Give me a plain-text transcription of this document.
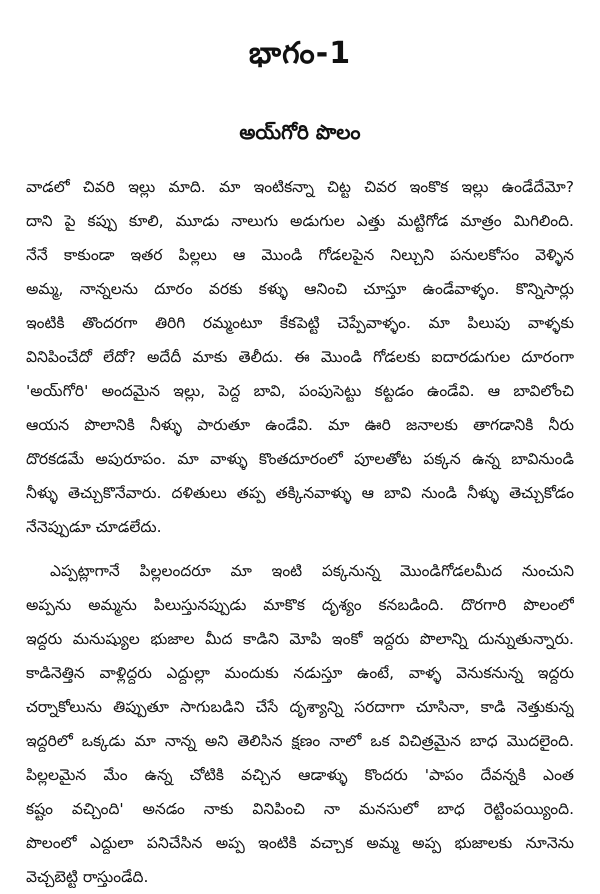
భాగం-1
అయ్‌గోరి పొలం
వాడలో చివరి ఇల్లు మాది. మా ఇంటికన్నా చిట్ట చివర ఇంకొక ఇల్లు ఉండేదేమో?
దాని పై కప్పు కూలి, మూడు నాలుగు అడుగుల ఎత్తు మట్టిగోడ మాత్రం మిగిలింది.
నేనే కాకుండా ఇతర పిల్లలు ఆ మొండి గోడలపైన నిల్చుని పనులకోసం వెళ్ళిన
అమ్మ, నాన్నలను దూరం వరకు కళ్ళు ఆనించి చూస్తూ ఉండేవాళ్ళం. కొన్నిసార్లు
ఇంటికి తొందరగా తిరిగి రమ్మంటూ కేకపెట్టి చెప్పేవాళ్ళం. మా పిలుపు వాళ్ళకు
వినిపించేదో లేదో? అదేదీ మాకు తెలీదు. ఈ మొండి గోడలకు ఐదారడుగుల దూరంగా
'అయ్‌గోరి' అందమైన ఇల్లు, పెద్ద బావి, పంపుసెట్టు కట్టడం ఉండేవి. ఆ బావిలోంచి
ఆయన పొలానికి నీళ్ళు పారుతూ ఉండేవి. మా ఊరి జనాలకు తాగడానికి నీరు
దొరకడమే అపురూపం. మా వాళ్ళు కొంతదూరంలో పూలతోట పక్కన ఉన్న బావినుండి
నీళ్ళు తెచ్చుకొనేవారు. దళితులు తప్ప తక్కినవాళ్ళు ఆ బావి నుండి నీళ్ళు తెచ్చుకోడం
నేనెప్పుడూ చూడలేదు.
ఎప్పట్లాగానే పిల్లలందరూ మా ఇంటి పక్కనున్న మొండిగోడలమీద నుంచుని
అప్పను అమ్మను పిలుస్తునప్పుడు మాకొక దృశ్యం కనబడింది. దొరగారి పొలంలో
ఇద్దరు మనుష్యుల భుజాల మీద కాడిని మోపి ఇంకో ఇద్దరు పొలాన్ని దున్నుతున్నారు.
కాడినెత్తిన వాళ్లిద్దరు ఎద్దుల్లా మందుకు నడుస్తూ ఉంటే, వాళ్ళ వెనుకనున్న ఇద్దరు
చర్నాకోలును తిప్పుతూ సాగుబడిని చేసే దృశ్యాన్ని సరదాగా చూసినా, కాడి నెత్తుకున్న
ఇద్దరిలో ఒక్కడు మా నాన్న అని తెలిసిన క్షణం నాలో ఒక విచిత్రమైన బాధ మొదలైంది.
పిల్లలమైన మేం ఉన్న చోటికి వచ్చిన ఆడాళ్ళు కొందరు 'పాపం దేవన్నకి ఎంత
కష్టం వచ్చింది' అనడం నాకు వినిపించి నా మనసులో బాధ రెట్టింపయ్యింది.
పొలంలో ఎద్దులా పనిచేసిన అప్ప ఇంటికి వచ్చాక అమ్మ అప్ప భుజాలకు నూనెను
వెచ్చబెట్టి రాస్తుండేది.
